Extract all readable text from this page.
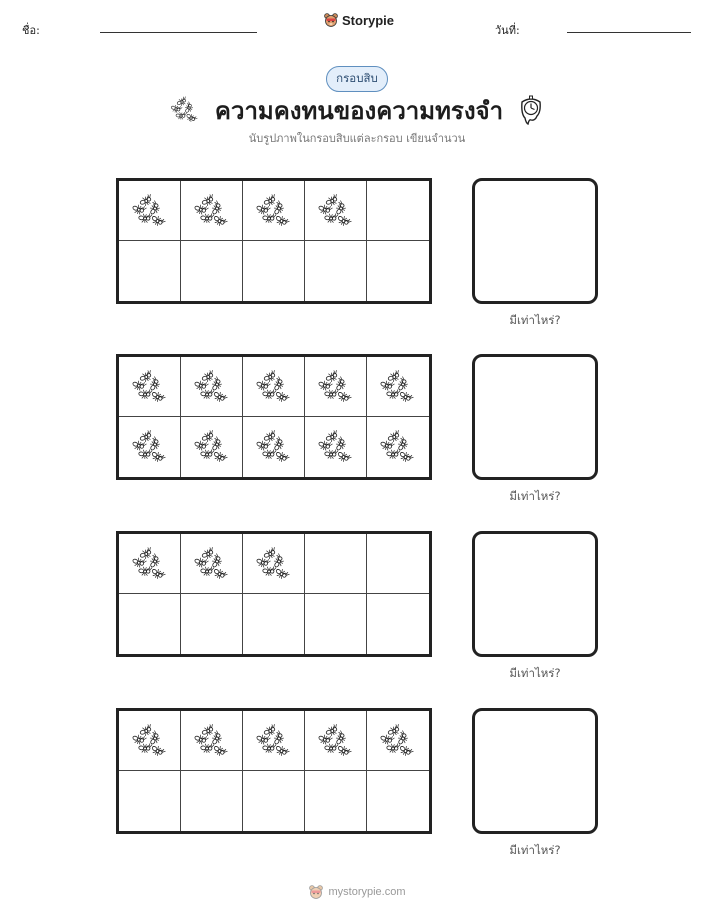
ชื่อ:
Storypie
วันที่:
กรอบสิบ
ความคงทนของความทรงจำ
นับรูปภาพในกรอบสิบแต่ละกรอบ เขียนจำนวน
มีเท่าไหร่?
มีเท่าไหร่?
มีเท่าไหร่?
มีเท่าไหร่?
mystorypie.com
